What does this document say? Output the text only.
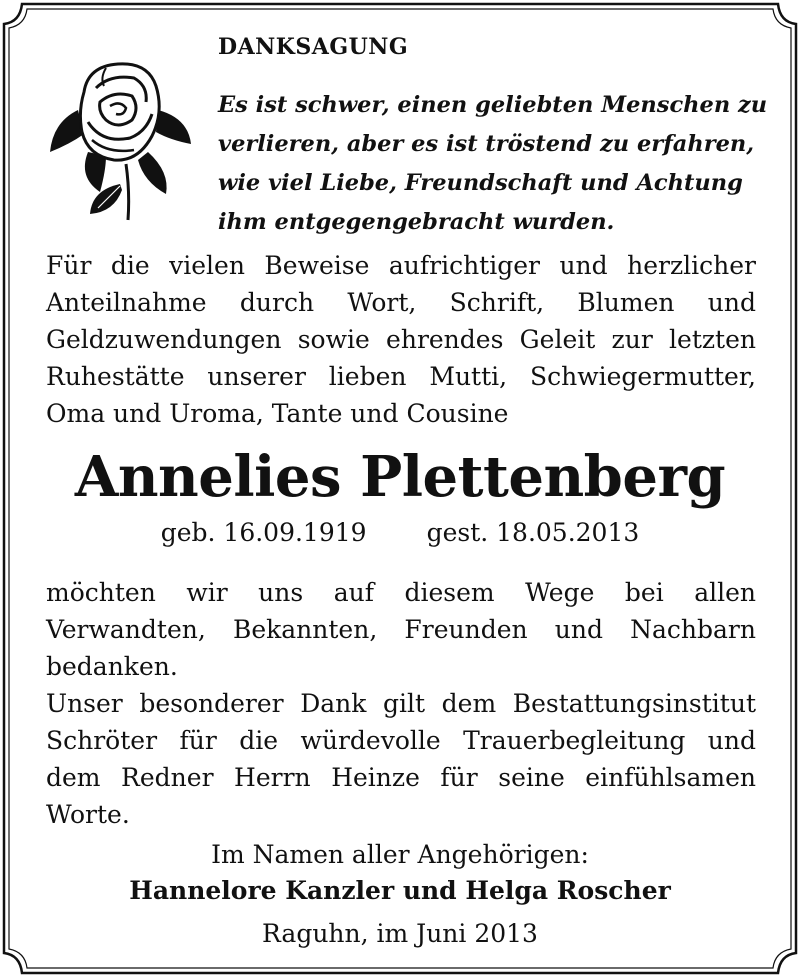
DANKSAGUNG
Es ist schwer, einen geliebten Menschen zu
verlieren, aber es ist tröstend zu erfahren,
wie viel Liebe, Freundschaft und Achtung
ihm entgegengebracht wurden.
Für die vielen Beweise aufrichtiger und herzlicher
Anteilnahme durch Wort, Schrift, Blumen und
Geldzuwendungen sowie ehrendes Geleit zur letzten
Ruhestätte unserer lieben Mutti, Schwiegermutter,
Oma und Uroma, Tante und Cousine
Annelies Plettenberg
geb. 16.09.1919 gest. 18.05.2013
möchten wir uns auf diesem Wege bei allen
Verwandten, Bekannten, Freunden und Nachbarn
bedanken.
Unser besonderer Dank gilt dem Bestattungsinstitut
Schröter für die würdevolle Trauerbegleitung und
dem Redner Herrn Heinze für seine einfühlsamen
Worte.
Im Namen aller Angehörigen:
Hannelore Kanzler und Helga Roscher
Raguhn, im Juni 2013
